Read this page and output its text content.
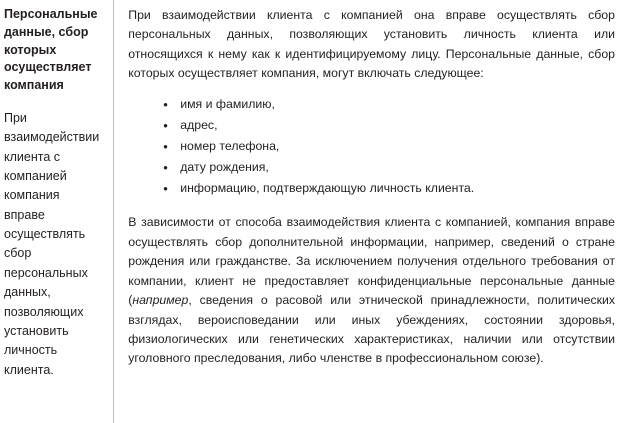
Персональные данные, сбор которых осуществляет компания

При взаимодействии клиента с компанией компания вправе осуществлять сбор персональных данных, позволяющих установить личность клиента.

При взаимодействии клиента с компанией она вправе осуществлять сбор персональных данных, позволяющих установить личность клиента или относящихся к нему как к идентифицируемому лицу. Персональные данные, сбор которых осуществляет компания, могут включать следующее:

• имя и фамилию,
• адрес,
• номер телефона,
• дату рождения,
• информацию, подтверждающую личность клиента.

В зависимости от способа взаимодействия клиента с компанией, компания вправе осуществлять сбор дополнительной информации, например, сведений о стране рождения или гражданстве. За исключением получения отдельного требования от компании, клиент не предоставляет конфиденциальные персональные данные (например, сведения о расовой или этнической принадлежности, политических взглядах, вероисповедании или иных убеждениях, состоянии здоровья, физиологических или генетических характеристиках, наличии или отсутствии уголовного преследования, либо членстве в профессиональном союзе).
